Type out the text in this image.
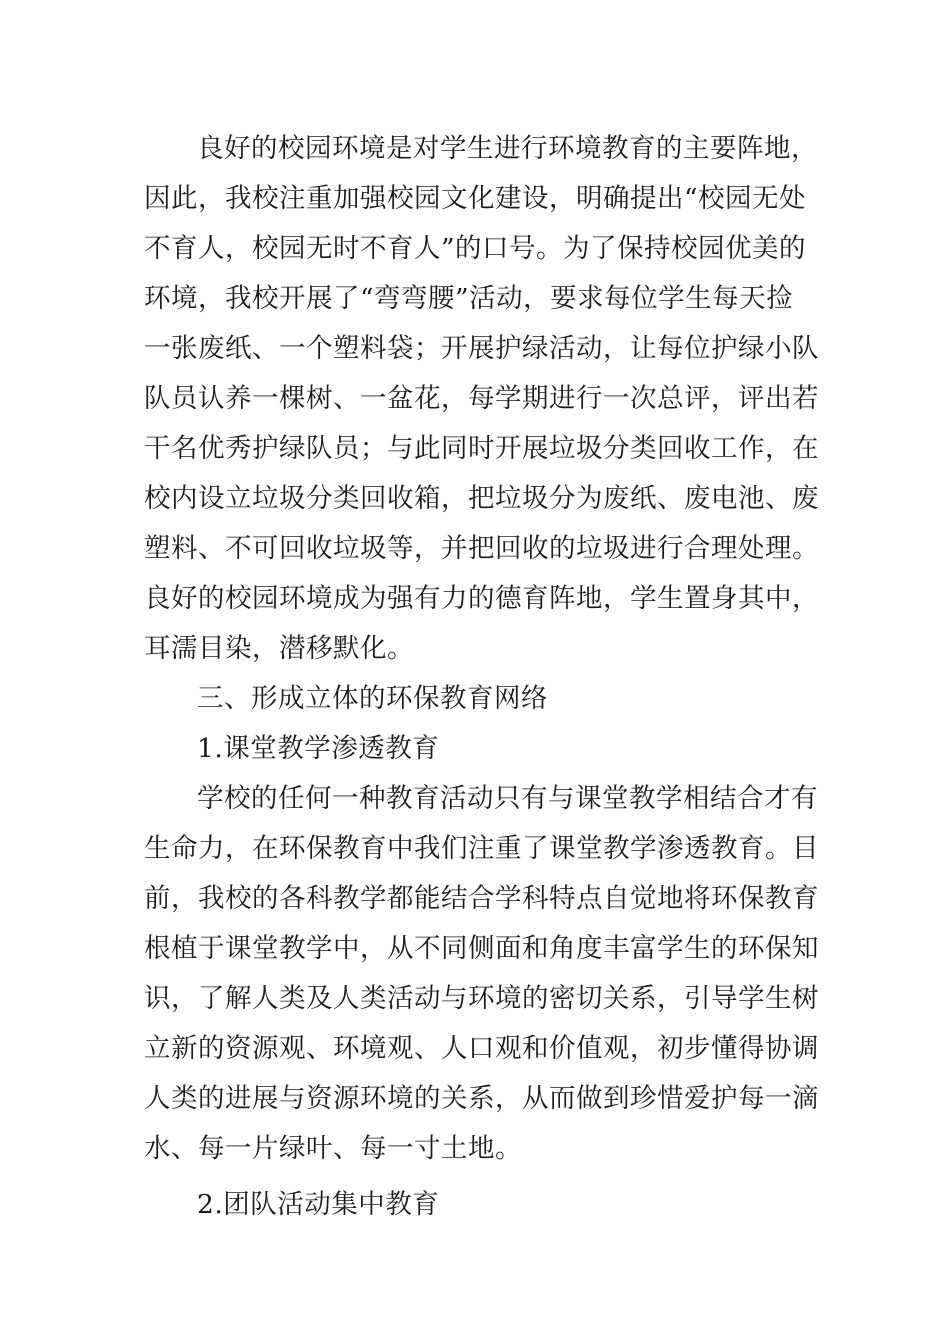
良好的校园环境是对学生进行环境教育的主要阵地，
因此，我校注重加强校园文化建设，明确提出“校园无处
不育人，校园无时不育人”的口号。为了保持校园优美的
环境，我校开展了“弯弯腰”活动，要求每位学生每天捡
一张废纸、一个塑料袋；开展护绿活动，让每位护绿小队
队员认养一棵树、一盆花，每学期进行一次总评，评出若
干名优秀护绿队员；与此同时开展垃圾分类回收工作，在
校内设立垃圾分类回收箱，把垃圾分为废纸、废电池、废
塑料、不可回收垃圾等，并把回收的垃圾进行合理处理。
良好的校园环境成为强有力的德育阵地，学生置身其中，
耳濡目染，潜移默化。
三、形成立体的环保教育网络
1.课堂教学渗透教育
学校的任何一种教育活动只有与课堂教学相结合才有
生命力，在环保教育中我们注重了课堂教学渗透教育。目
前，我校的各科教学都能结合学科特点自觉地将环保教育
根植于课堂教学中，从不同侧面和角度丰富学生的环保知
识，了解人类及人类活动与环境的密切关系，引导学生树
立新的资源观、环境观、人口观和价值观，初步懂得协调
人类的进展与资源环境的关系，从而做到珍惜爱护每一滴
水、每一片绿叶、每一寸土地。
2.团队活动集中教育
